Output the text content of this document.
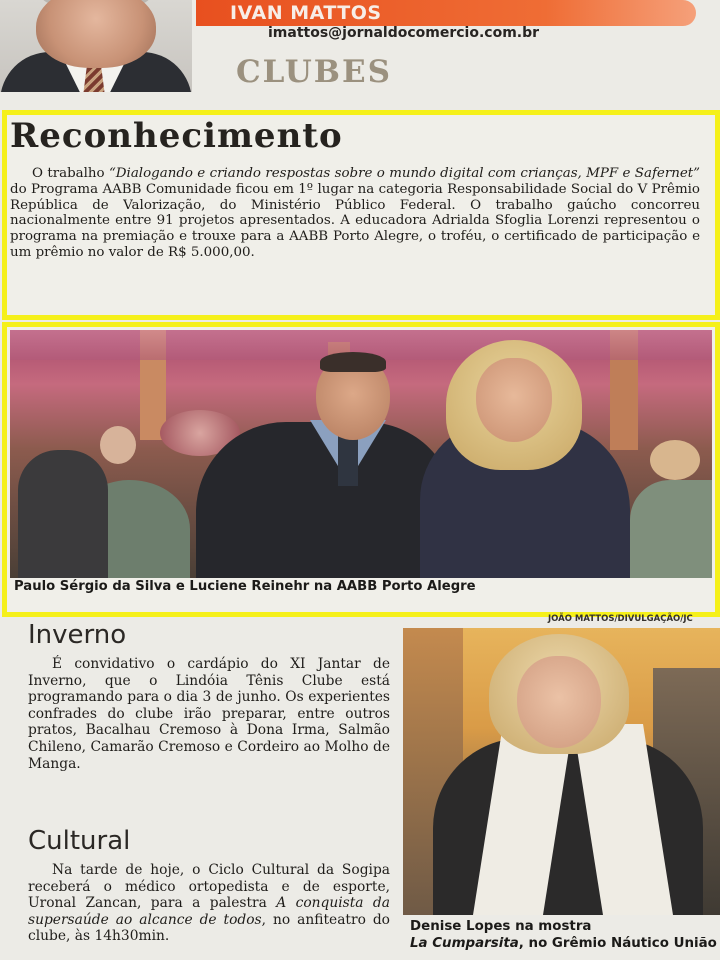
IVAN MATTOS
imattos@jornaldocomercio.com.br
CLUBES
Reconhecimento
O trabalho “Dialogando e criando respostas sobre o mundo digital com crianças, MPF e Safernet” do Programa AABB Comunidade ficou em 1º lugar na categoria Responsabilidade Social do V Prêmio República de Valorização, do Ministério Público Federal. O trabalho gaúcho concorreu nacionalmente entre 91 projetos apresentados. A educadora Adrialda Sfoglia Lorenzi representou o programa na premiação e trouxe para a AABB Porto Alegre, o troféu, o certificado de participação e um prêmio no valor de R$ 5.000,00.
Paulo Sérgio da Silva e Luciene Reinehr na AABB Porto Alegre
JOÃO MATTOS/DIVULGAÇÃO/JC
Inverno
É convidativo o cardápio do XI Jantar de Inverno, que o Lindóia Tênis Clube está programando para o dia 3 de junho. Os experientes confrades do clube irão preparar, entre outros pratos, Bacalhau Cremoso à Dona Irma, Salmão Chileno, Camarão Cremoso e Cordeiro ao Molho de Manga.
Cultural
Na tarde de hoje, o Ciclo Cultural da Sogipa receberá o médico ortopedista e de esporte, Uronal Zancan, para a palestra A conquista da supersaúde ao alcance de todos, no anfiteatro do clube, às 14h30min.
Denise Lopes na mostra
La Cumparsita, no Grêmio Náutico União
